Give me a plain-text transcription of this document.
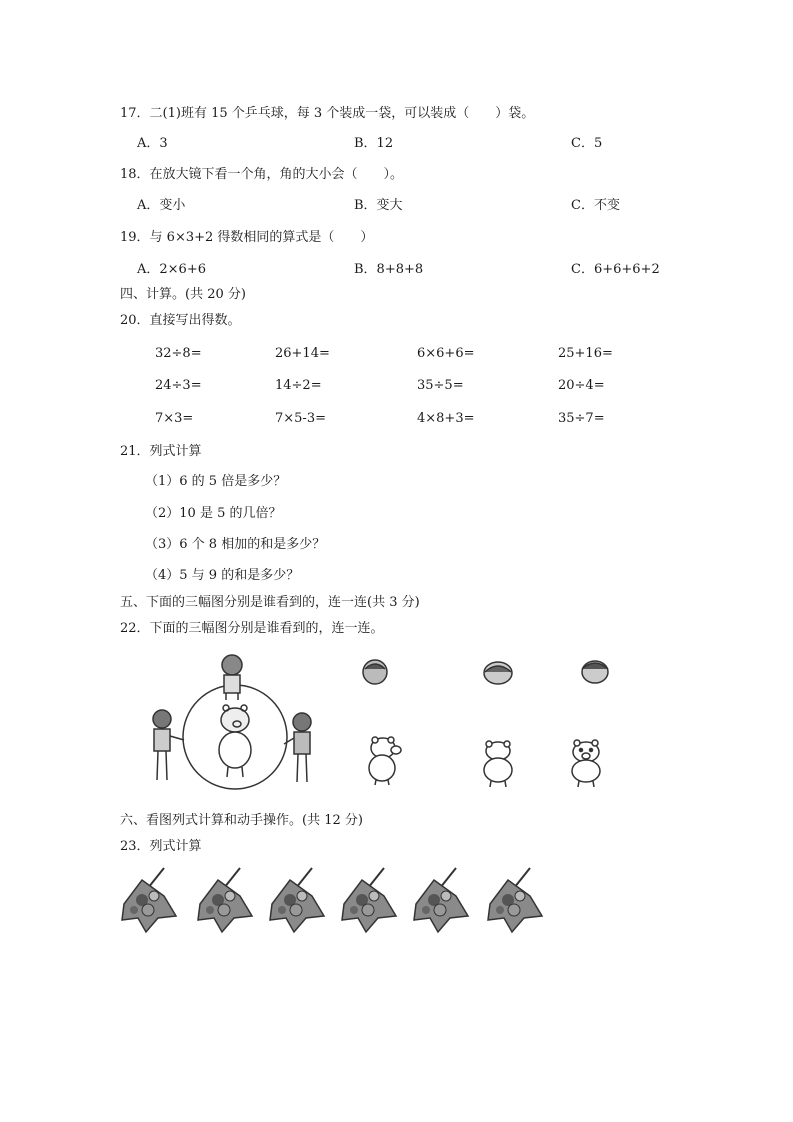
17．二(1)班有 15 个乒乓球，每 3 个装成一袋，可以装成（　　）袋。
A．3	B．12	C．5
18．在放大镜下看一个角，角的大小会（　　）。
A．变小	B．变大	C．不变
19．与 6×3+2 得数相同的算式是（　　）
A．2×6+6	B．8+8+8	C．6+6+6+2
四、计算。(共 20 分)
20．直接写出得数。
32÷8=	26+14=	6×6+6=	25+16=
24÷3=	14÷2=	35÷5=	20÷4=
7×3=	7×5-3=	4×8+3=	35÷7=
21．列式计算
（1）6 的 5 倍是多少？
（2）10 是 5 的几倍？
（3）6 个 8 相加的和是多少？
（4）5 与 9 的和是多少？
五、下面的三幅图分别是谁看到的，连一连(共 3 分)
22．下面的三幅图分别是谁看到的，连一连。
六、看图列式计算和动手操作。(共 12 分)
23．列式计算
